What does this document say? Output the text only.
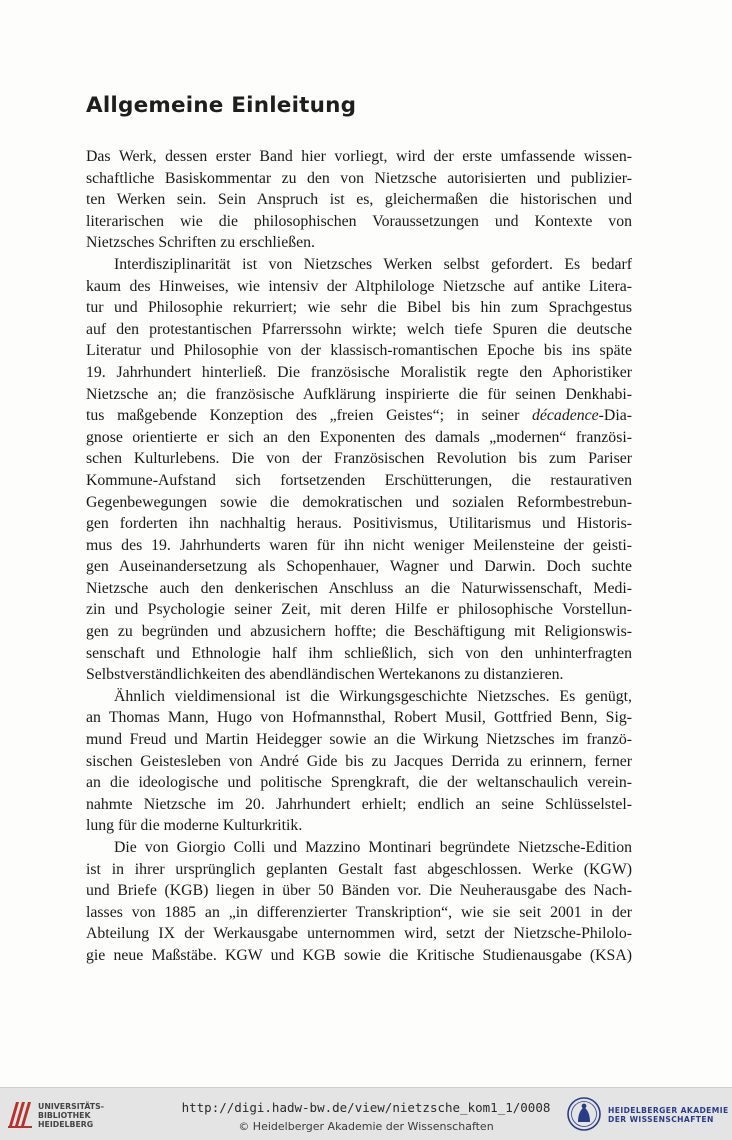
Allgemeine Einleitung
Das Werk, dessen erster Band hier vorliegt, wird der erste umfassende wissen-
schaftliche Basiskommentar zu den von Nietzsche autorisierten und publizier-
ten Werken sein. Sein Anspruch ist es, gleichermaßen die historischen und
literarischen wie die philosophischen Voraussetzungen und Kontexte von
Nietzsches Schriften zu erschließen.
Interdisziplinarität ist von Nietzsches Werken selbst gefordert. Es bedarf
kaum des Hinweises, wie intensiv der Altphilologe Nietzsche auf antike Litera-
tur und Philosophie rekurriert; wie sehr die Bibel bis hin zum Sprachgestus
auf den protestantischen Pfarrerssohn wirkte; welch tiefe Spuren die deutsche
Literatur und Philosophie von der klassisch-romantischen Epoche bis ins späte
19. Jahrhundert hinterließ. Die französische Moralistik regte den Aphoristiker
Nietzsche an; die französische Aufklärung inspirierte die für seinen Denkhabi-
tus maßgebende Konzeption des „freien Geistes“; in seiner décadence-Dia-
gnose orientierte er sich an den Exponenten des damals „modernen“ französi-
schen Kulturlebens. Die von der Französischen Revolution bis zum Pariser
Kommune-Aufstand sich fortsetzenden Erschütterungen, die restaurativen
Gegenbewegungen sowie die demokratischen und sozialen Reformbestrebun-
gen forderten ihn nachhaltig heraus. Positivismus, Utilitarismus und Historis-
mus des 19. Jahrhunderts waren für ihn nicht weniger Meilensteine der geisti-
gen Auseinandersetzung als Schopenhauer, Wagner und Darwin. Doch suchte
Nietzsche auch den denkerischen Anschluss an die Naturwissenschaft, Medi-
zin und Psychologie seiner Zeit, mit deren Hilfe er philosophische Vorstellun-
gen zu begründen und abzusichern hoffte; die Beschäftigung mit Religionswis-
senschaft und Ethnologie half ihm schließlich, sich von den unhinterfragten
Selbstverständlichkeiten des abendländischen Wertekanons zu distanzieren.
Ähnlich vieldimensional ist die Wirkungsgeschichte Nietzsches. Es genügt,
an Thomas Mann, Hugo von Hofmannsthal, Robert Musil, Gottfried Benn, Sig-
mund Freud und Martin Heidegger sowie an die Wirkung Nietzsches im franzö-
sischen Geistesleben von André Gide bis zu Jacques Derrida zu erinnern, ferner
an die ideologische und politische Sprengkraft, die der weltanschaulich verein-
nahmte Nietzsche im 20. Jahrhundert erhielt; endlich an seine Schlüsselstel-
lung für die moderne Kulturkritik.
Die von Giorgio Colli und Mazzino Montinari begründete Nietzsche-Edition
ist in ihrer ursprünglich geplanten Gestalt fast abgeschlossen. Werke (KGW)
und Briefe (KGB) liegen in über 50 Bänden vor. Die Neuherausgabe des Nach-
lasses von 1885 an „in differenzierter Transkription“, wie sie seit 2001 in der
Abteilung IX der Werkausgabe unternommen wird, setzt der Nietzsche-Philolo-
gie neue Maßstäbe. KGW und KGB sowie die Kritische Studienausgabe (KSA)
UNIVERSITÄTS-
BIBLIOTHEK
HEIDELBERG
http://digi.hadw-bw.de/view/nietzsche_kom1_1/0008
© Heidelberger Akademie der Wissenschaften
HEIDELBERGER AKADEMIE
DER WISSENSCHAFTEN
